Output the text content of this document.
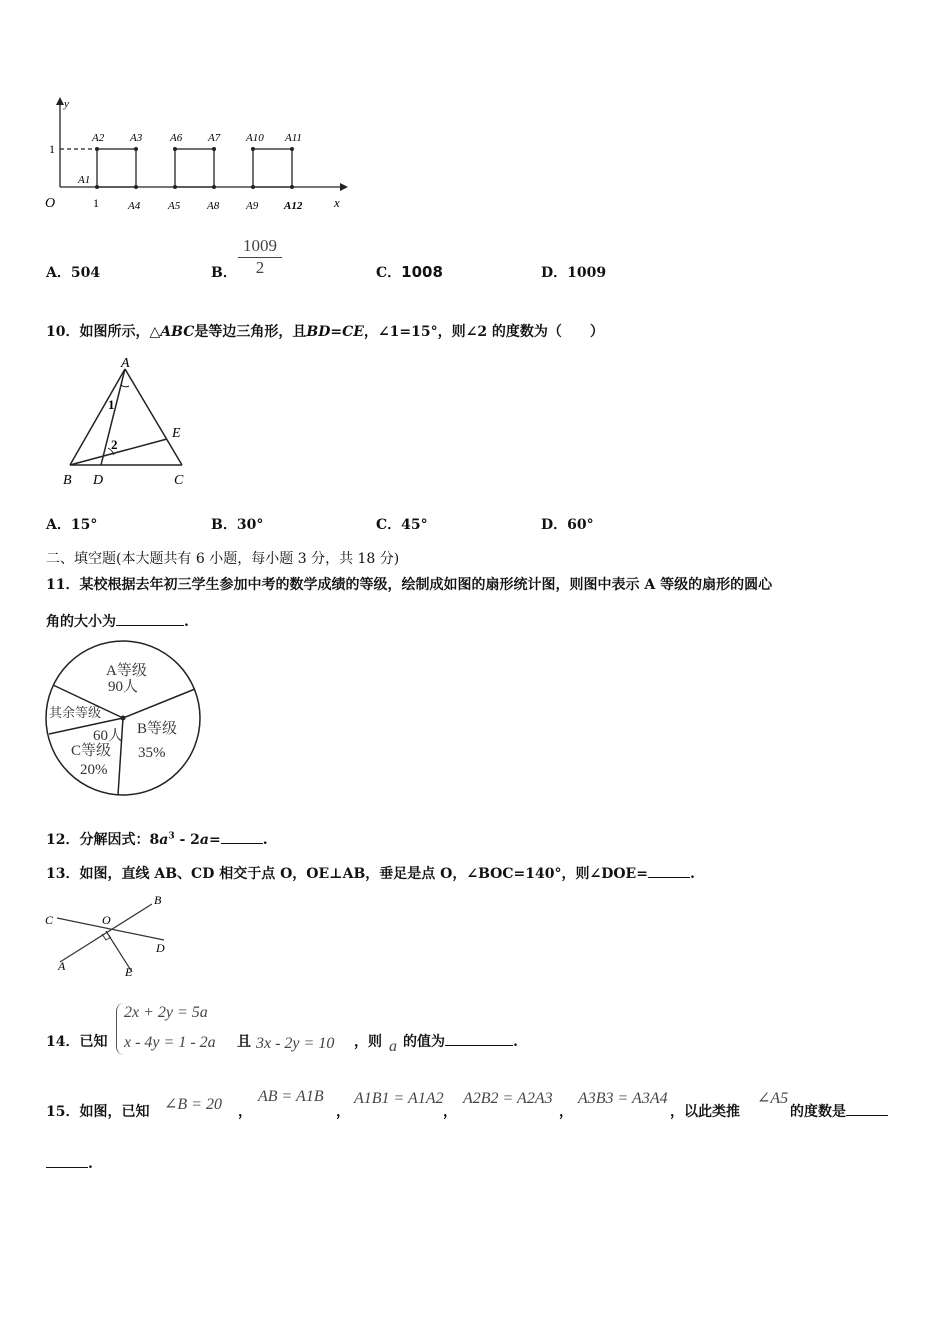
y
x
O
1
1
A2 A3	A6 A7 A10 A11
A1
A4	A5 A8 A9 A12
A．504	B． $\frac{1009}{2}$	C．1008	D．1009
10．如图所示，△ABC是等边三角形，且BD=CE，∠1=15°，则∠2 的度数为（　　）
A
B	C
D
E
1
2
A．15°	B．30°	C．45°	D．60°
二、填空题(本大题共有 6 小题，每小题 3 分，共 18 分)
11．某校根据去年初三学生参加中考的数学成绩的等级，绘制成如图的扇形统计图，则图中表示 A 等级的扇形的圆心
角的大小为	.
A等级
90人
B等级
35%
C等级
20%
其余等级
60人
12．分解因式：$8a^3 - 2a=$	.
13．如图，直线 AB、CD 相交于点 O，OE⊥AB，垂足是点 O，∠BOC=140°，则∠DOE=	.
C
B
O
D
A	E
14．已知
2x + 2y = 5a
x - 4y = 1 - 2a 且 3x - 2y = 10 ，则 a 的值为	.
15．如图，已知 ∠B = 20 ，
AB = A1B
，
A1B1 = A1A2
，
A2B2 = A2A3
，
A3B3 = A3A4
，以此类推
∠A5
的度数是
.
